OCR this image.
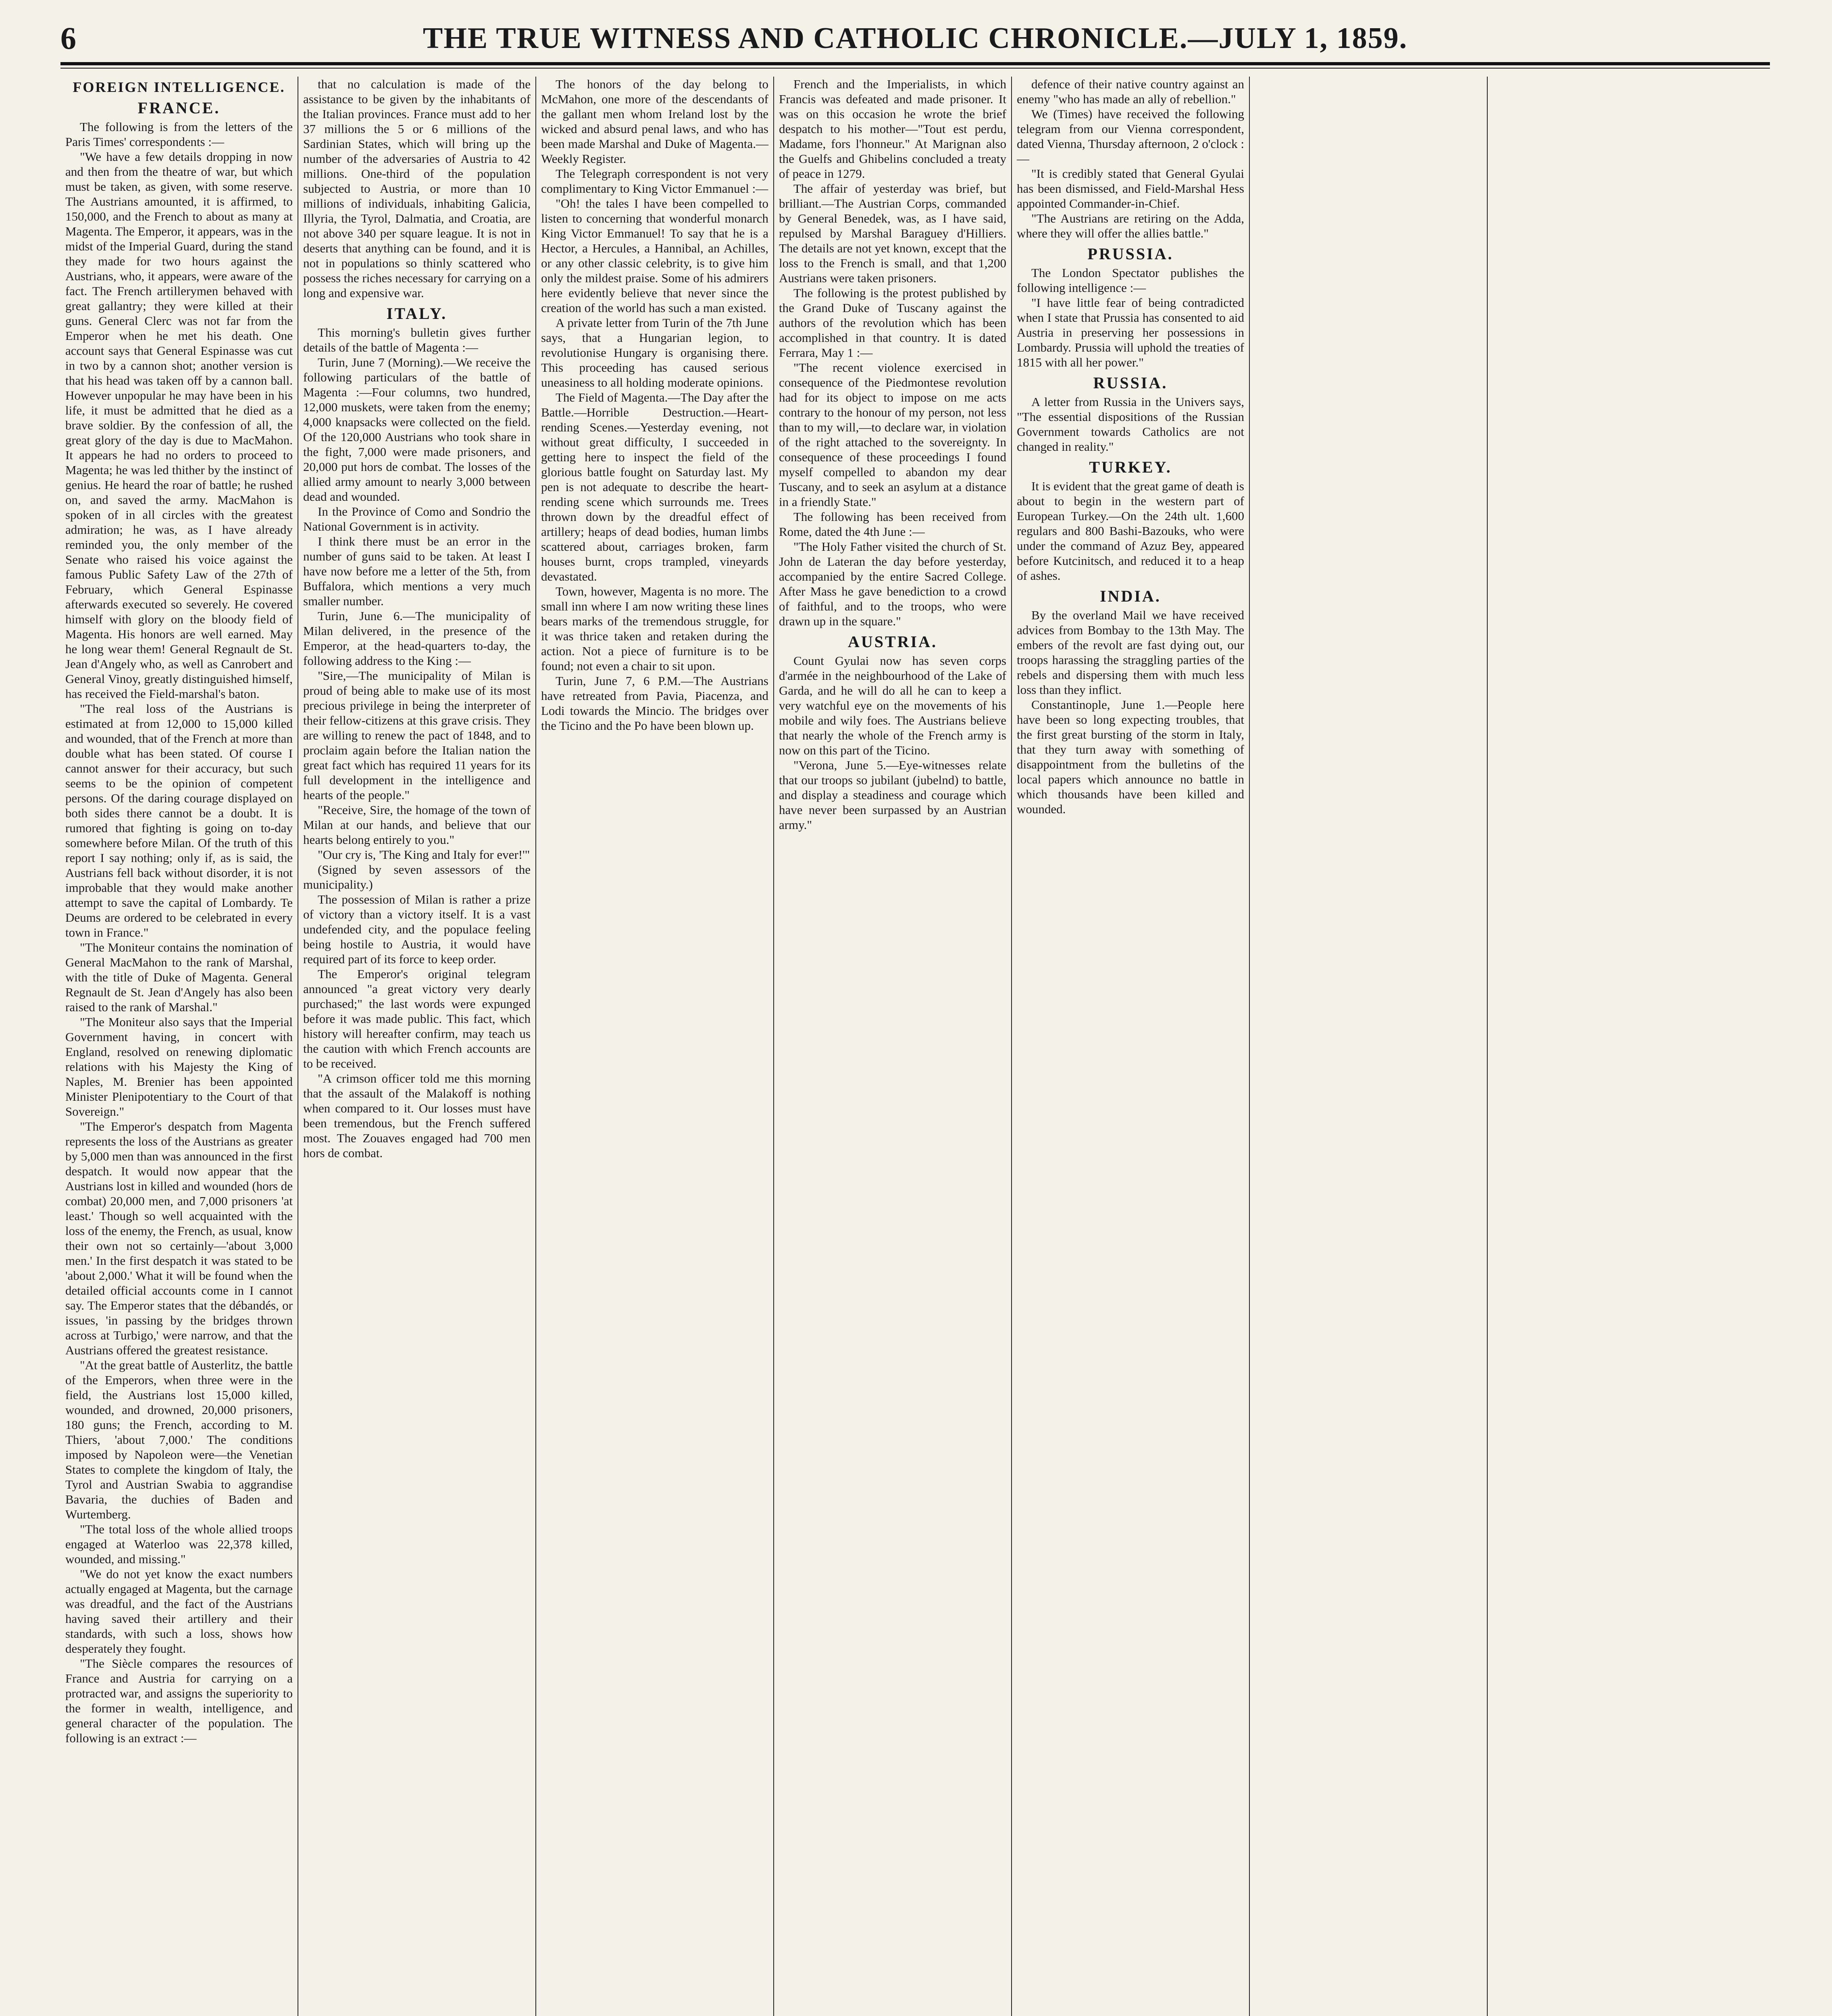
6	THE TRUE WITNESS AND CATHOLIC CHRONICLE.—JULY 1, 1859.
FOREIGN INTELLIGENCE.
FRANCE.

The following is from the letters of the Paris Times' correspondents :—

"We have a few details dropping in now and then from the theatre of war, but which must be taken, as given, with some reserve. The Austrians amounted, it is affirmed, to 150,000, and the French to about as many at Magenta. The Emperor, it appears, was in the midst of the Imperial Guard, during the stand they made for two hours against the Austrians, who, it appears, were aware of the fact. The French artillerymen behaved with great gallantry; they were killed at their guns. General Clerc was not far from the Emperor when he met his death. One account says that General Espinasse was cut in two by a cannon shot; another version is that his head was taken off by a cannon ball. However unpopular he may have been in his life, it must be admitted that he died as a brave soldier. By the confession of all, the great glory of the day is due to MacMahon. It appears he had no orders to proceed to Magenta; he was led thither by the instinct of genius. He heard the roar of battle; he rushed on, and saved the army. MacMahon is spoken of in all circles with the greatest admiration; he was, as I have already reminded you, the only member of the Senate who raised his voice against the famous Public Safety Law of the 27th of February, which General Espinasse afterwards executed so severely. He covered himself with glory on the bloody field of Magenta. His honors are well earned. May he long wear them! General Regnault de St. Jean d'Angely who, as well as Canrobert and General Vinoy, greatly distinguished himself, has received the Field-marshal's baton.

"The real loss of the Austrians is estimated at from 12,000 to 15,000 killed and wounded, that of the French at more than double what has been stated. Of course I cannot answer for their accuracy, but such seems to be the opinion of competent persons. Of the daring courage displayed on both sides there cannot be a doubt. It is rumored that fighting is going on to-day somewhere before Milan. Of the truth of this report I say nothing; only if, as is said, the Austrians fell back without disorder, it is not improbable that they would make another attempt to save the capital of Lombardy. Te Deums are ordered to be celebrated in every town in France."

"The Moniteur contains the nomination of General MacMahon to the rank of Marshal, with the title of Duke of Magenta. General Regnault de St. Jean d'Angely has also been raised to the rank of Marshal."

"The Moniteur also says that the Imperial Government having, in concert with England, resolved on renewing diplomatic relations with his Majesty the King of Naples, M. Brenier has been appointed Minister Plenipotentiary to the Court of that Sovereign."

"The Emperor's despatch from Magenta represents the loss of the Austrians as greater by 5,000 men than was announced in the first despatch. It would now appear that the Austrians lost in killed and wounded (hors de combat) 20,000 men, and 7,000 prisoners 'at least.' Though so well acquainted with the loss of the enemy, the French, as usual, know their own not so certainly—'about 3,000 men.' In the first despatch it was stated to be 'about 2,000.' What it will be found when the detailed official accounts come in I cannot say. The Emperor states that the débandés, or issues, 'in passing by the bridges thrown across at Turbigo,' were narrow, and that the Austrians offered the greatest resistance.

"At the great battle of Austerlitz, the battle of the Emperors, when three were in the field, the Austrians lost 15,000 killed, wounded, and drowned, 20,000 prisoners, 180 guns; the French, according to M. Thiers, 'about 7,000.' The conditions imposed by Napoleon were—the Venetian States to complete the kingdom of Italy, the Tyrol and Austrian Swabia to aggrandise Bavaria, the duchies of Baden and Wurtemberg.

"The total loss of the whole allied troops engaged at Waterloo was 22,378 killed, wounded, and missing."

"We do not yet know the exact numbers actually engaged at Magenta, but the carnage was dreadful, and the fact of the Austrians having saved their artillery and their standards, with such a loss, shows how desperately they fought.

"The Siècle compares the resources of France and Austria for carrying on a protracted war, and assigns the superiority to the former in wealth, intelligence, and general character of the population. The following is an extract :—

that no calculation is made of the assistance to be given by the inhabitants of the Italian provinces. France must add to her 37 millions the 5 or 6 millions of the Sardinian States, which will bring up the number of the adversaries of Austria to 42 millions. One-third of the population subjected to Austria, or more than 10 millions of individuals, inhabiting Galicia, Illyria, the Tyrol, Dalmatia, and Croatia, are not above 340 per square league. It is not in deserts that anything can be found, and it is not in populations so thinly scattered who possess the riches necessary for carrying on a long and expensive war.

ITALY.

This morning's bulletin gives further details of the battle of Magenta :—

Turin, June 7 (Morning).—We receive the following particulars of the battle of Magenta :—Four columns, two hundred, 12,000 muskets, were taken from the enemy; 4,000 knapsacks were collected on the field. Of the 120,000 Austrians who took share in the fight, 7,000 were made prisoners, and 20,000 put hors de combat. The losses of the allied army amount to nearly 3,000 between dead and wounded.

In the Province of Como and Sondrio the National Government is in activity.

I think there must be an error in the number of guns said to be taken. At least I have now before me a letter of the 5th, from Buffalora, which mentions a very much smaller number.

Turin, June 6.—The municipality of Milan delivered, in the presence of the Emperor, at the head-quarters to-day, the following address to the King :—

"Sire,—The municipality of Milan is proud of being able to make use of its most precious privilege in being the interpreter of their fellow-citizens at this grave crisis. They are willing to renew the pact of 1848, and to proclaim again before the Italian nation the great fact which has required 11 years for its full development in the intelligence and hearts of the people."

"Receive, Sire, the homage of the town of Milan at our hands, and believe that our hearts belong entirely to you."

"Our cry is, 'The King and Italy for ever!'"

(Signed by seven assessors of the municipality.)

The possession of Milan is rather a prize of victory than a victory itself. It is a vast undefended city, and the populace feeling being hostile to Austria, it would have required part of its force to keep order.

The Emperor's original telegram announced "a great victory very dearly purchased;" the last words were expunged before it was made public. This fact, which history will hereafter confirm, may teach us the caution with which French accounts are to be received.

"A crimson officer told me this morning that the assault of the Malakoff is nothing when compared to it. Our losses must have been tremendous, but the French suffered most. The Zouaves engaged had 700 men hors de combat.

The honors of the day belong to McMahon, one more of the descendants of the gallant men whom Ireland lost by the wicked and absurd penal laws, and who has been made Marshal and Duke of Magenta.—Weekly Register.

The Telegraph correspondent is not very complimentary to King Victor Emmanuel :—

"Oh! the tales I have been compelled to listen to concerning that wonderful monarch King Victor Emmanuel! To say that he is a Hector, a Hercules, a Hannibal, an Achilles, or any other classic celebrity, is to give him only the mildest praise. Some of his admirers here evidently believe that never since the creation of the world has such a man existed.

A private letter from Turin of the 7th June says, that a Hungarian legion, to revolutionise Hungary is organising there. This proceeding has caused serious uneasiness to all holding moderate opinions.

The Field of Magenta.—The Day after the Battle.—Horrible Destruction.—Heart-rending Scenes.—Yesterday evening, not without great difficulty, I succeeded in getting here to inspect the field of the glorious battle fought on Saturday last. My pen is not adequate to describe the heart-rending scene which surrounds me. Trees thrown down by the dreadful effect of artillery; heaps of dead bodies, human limbs scattered about, carriages broken, farm houses burnt, crops trampled, vineyards devastated.

Town, however, Magenta is no more. The small inn where I am now writing these lines bears marks of the tremendous struggle, for it was thrice taken and retaken during the action. Not a piece of furniture is to be found; not even a chair to sit upon.

Turin, June 7, 6 P.M.—The Austrians have retreated from Pavia, Piacenza, and Lodi towards the Mincio. The bridges over the Ticino and the Po have been blown up.

French and the Imperialists, in which Francis was defeated and made prisoner. It was on this occasion he wrote the brief despatch to his mother—"Tout est perdu, Madame, fors l'honneur." At Marignan also the Guelfs and Ghibelins concluded a treaty of peace in 1279.

The affair of yesterday was brief, but brilliant.—The Austrian Corps, commanded by General Benedek, was, as I have said, repulsed by Marshal Baraguey d'Hilliers. The details are not yet known, except that the loss to the French is small, and that 1,200 Austrians were taken prisoners.

The following is the protest published by the Grand Duke of Tuscany against the authors of the revolution which has been accomplished in that country. It is dated Ferrara, May 1 :—

"The recent violence exercised in consequence of the Piedmontese revolution had for its object to impose on me acts contrary to the honour of my person, not less than to my will,—to declare war, in violation of the right attached to the sovereignty. In consequence of these proceedings I found myself compelled to abandon my dear Tuscany, and to seek an asylum at a distance in a friendly State."

The following has been received from Rome, dated the 4th June :—

"The Holy Father visited the church of St. John de Lateran the day before yesterday, accompanied by the entire Sacred College. After Mass he gave benediction to a crowd of faithful, and to the troops, who were drawn up in the square."

AUSTRIA.

Count Gyulai now has seven corps d'armée in the neighbourhood of the Lake of Garda, and he will do all he can to keep a very watchful eye on the movements of his mobile and wily foes. The Austrians believe that nearly the whole of the French army is now on this part of the Ticino.

"Verona, June 5.—Eye-witnesses relate that our troops so jubilant (jubelnd) to battle, and display a steadiness and courage which have never been surpassed by an Austrian army."

defence of their native country against an enemy "who has made an ally of rebellion."

We (Times) have received the following telegram from our Vienna correspondent, dated Vienna, Thursday afternoon, 2 o'clock :—

"It is credibly stated that General Gyulai has been dismissed, and Field-Marshal Hess appointed Commander-in-Chief.

"The Austrians are retiring on the Adda, where they will offer the allies battle."

PRUSSIA.

The London Spectator publishes the following intelligence :—

"I have little fear of being contradicted when I state that Prussia has consented to aid Austria in preserving her possessions in Lombardy. Prussia will uphold the treaties of 1815 with all her power."

RUSSIA.

A letter from Russia in the Univers says, "The essential dispositions of the Russian Government towards Catholics are not changed in reality."

TURKEY.

It is evident that the great game of death is about to begin in the western part of European Turkey.—On the 24th ult. 1,600 regulars and 800 Bashi-Bazouks, who were under the command of Azuz Bey, appeared before Kutcinitsch, and reduced it to a heap of ashes.

INDIA.

By the overland Mail we have received advices from Bombay to the 13th May. The embers of the revolt are fast dying out, our troops harassing the straggling parties of the rebels and dispersing them with much less loss than they inflict.

Constantinople, June 1.—People here have been so long expecting troubles, that the first great bursting of the storm in Italy, that they turn away with something of disappointment from the bulletins of the local papers which announce no battle in which thousands have been killed and wounded.
